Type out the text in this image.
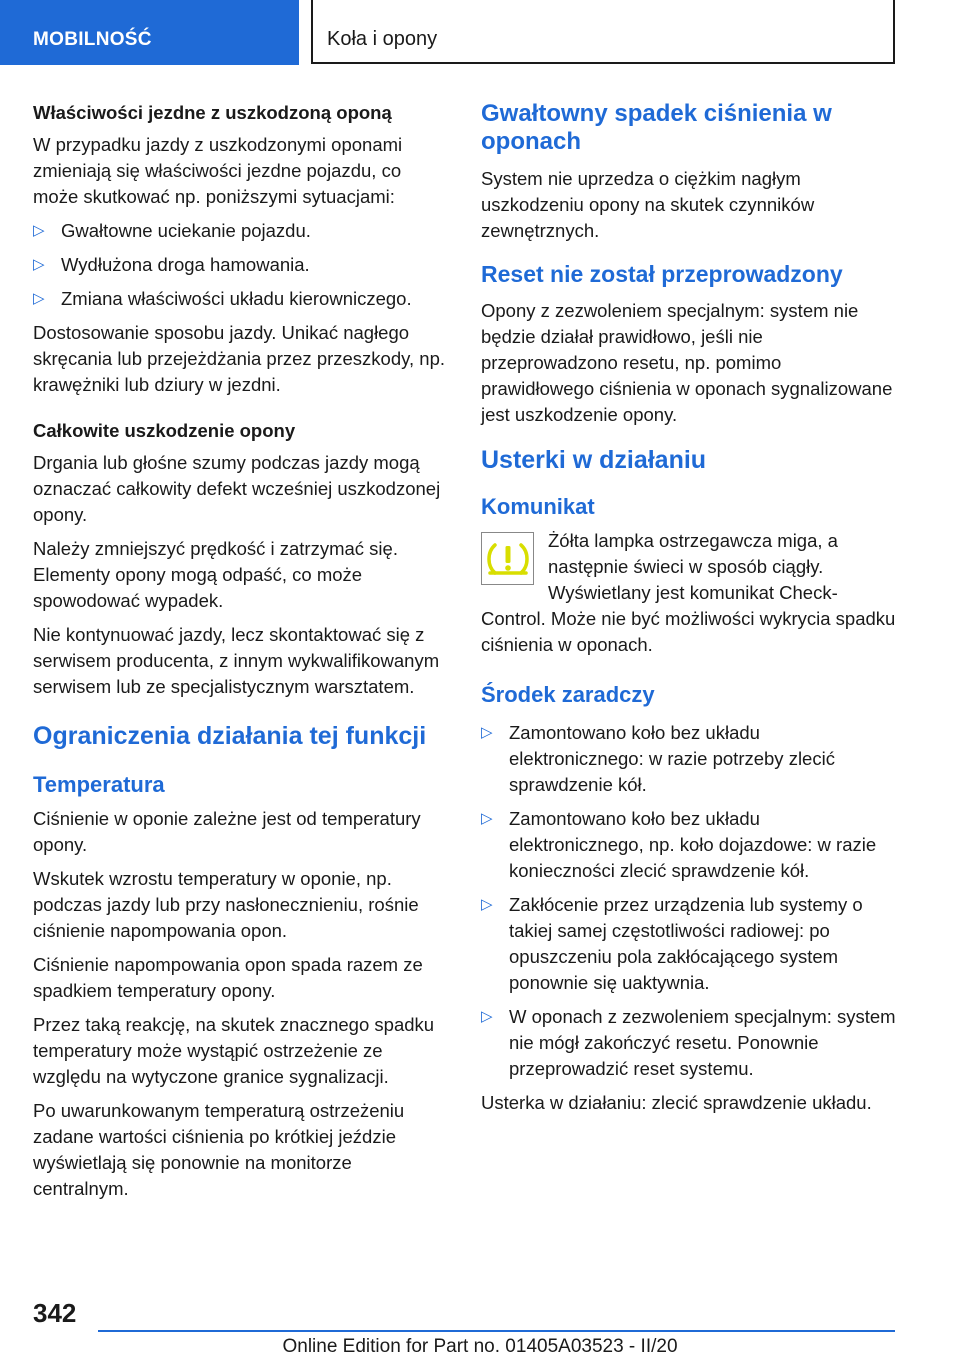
MOBILNOŚĆ	Koła i opony
Właściwości jezdne z uszkodzoną oponą

W przypadku jazdy z uszkodzonymi oponami zmieniają się właściwości jezdne pojazdu, co może skutkować np. poniższymi sytuacjami:

▷ Gwałtowne uciekanie pojazdu.
▷ Wydłużona droga hamowania.
▷ Zmiana właściwości układu kierowniczego.

Dostosowanie sposobu jazdy. Unikać nagłego skręcania lub przejeżdżania przez przeszkody, np. krawężniki lub dziury w jezdni.

Całkowite uszkodzenie opony

Drgania lub głośne szumy podczas jazdy mogą oznaczać całkowity defekt wcześniej uszkodzonej opony.

Należy zmniejszyć prędkość i zatrzymać się. Elementy opony mogą odpaść, co może spowodować wypadek.

Nie kontynuować jazdy, lecz skontaktować się z serwisem producenta, z innym wykwalifikowanym serwisem lub ze specjalistycznym warsztatem.

Ograniczenia działania tej funkcji
Temperatura

Ciśnienie w oponie zależne jest od temperatury opony.

Wskutek wzrostu temperatury w oponie, np. podczas jazdy lub przy nasłonecznieniu, rośnie ciśnienie napompowania opon.

Ciśnienie napompowania opon spada razem ze spadkiem temperatury opony.

Przez taką reakcję, na skutek znacznego spadku temperatury może wystąpić ostrzeżenie ze względu na wytyczone granice sygnalizacji.

Po uwarunkowanym temperaturą ostrzeżeniu zadane wartości ciśnienia po krótkiej jeździe wyświetlają się ponownie na monitorze centralnym.

Gwałtowny spadek ciśnienia w oponach

System nie uprzedza o ciężkim nagłym uszkodzeniu opony na skutek czynników zewnętrznych.

Reset nie został przeprowadzony

Opony z zezwoleniem specjalnym: system nie będzie działał prawidłowo, jeśli nie przeprowadzono resetu, np. pomimo prawidłowego ciśnienia w oponach sygnalizowane jest uszkodzenie opony.

Usterki w działaniu
Komunikat

Żółta lampka ostrzegawcza miga, a następnie świeci w sposób ciągły. Wyświetlany jest komunikat Check-Control. Może nie być możliwości wykrycia spadku ciśnienia w oponach.

Środek zaradczy
▷ Zamontowano koło bez układu elektronicznego: w razie potrzeby zlecić sprawdzenie kół.
▷ Zamontowano koło bez układu elektronicznego, np. koło dojazdowe: w razie konieczności zlecić sprawdzenie kół.
▷ Zakłócenie przez urządzenia lub systemy o takiej samej częstotliwości radiowej: po opuszczeniu pola zakłócającego system ponownie się uaktywnia.
▷ W oponach z zezwoleniem specjalnym: system nie mógł zakończyć resetu. Ponownie przeprowadzić reset systemu.

Usterka w działaniu: zlecić sprawdzenie układu.

342
Online Edition for Part no. 01405A03523 - II/20
